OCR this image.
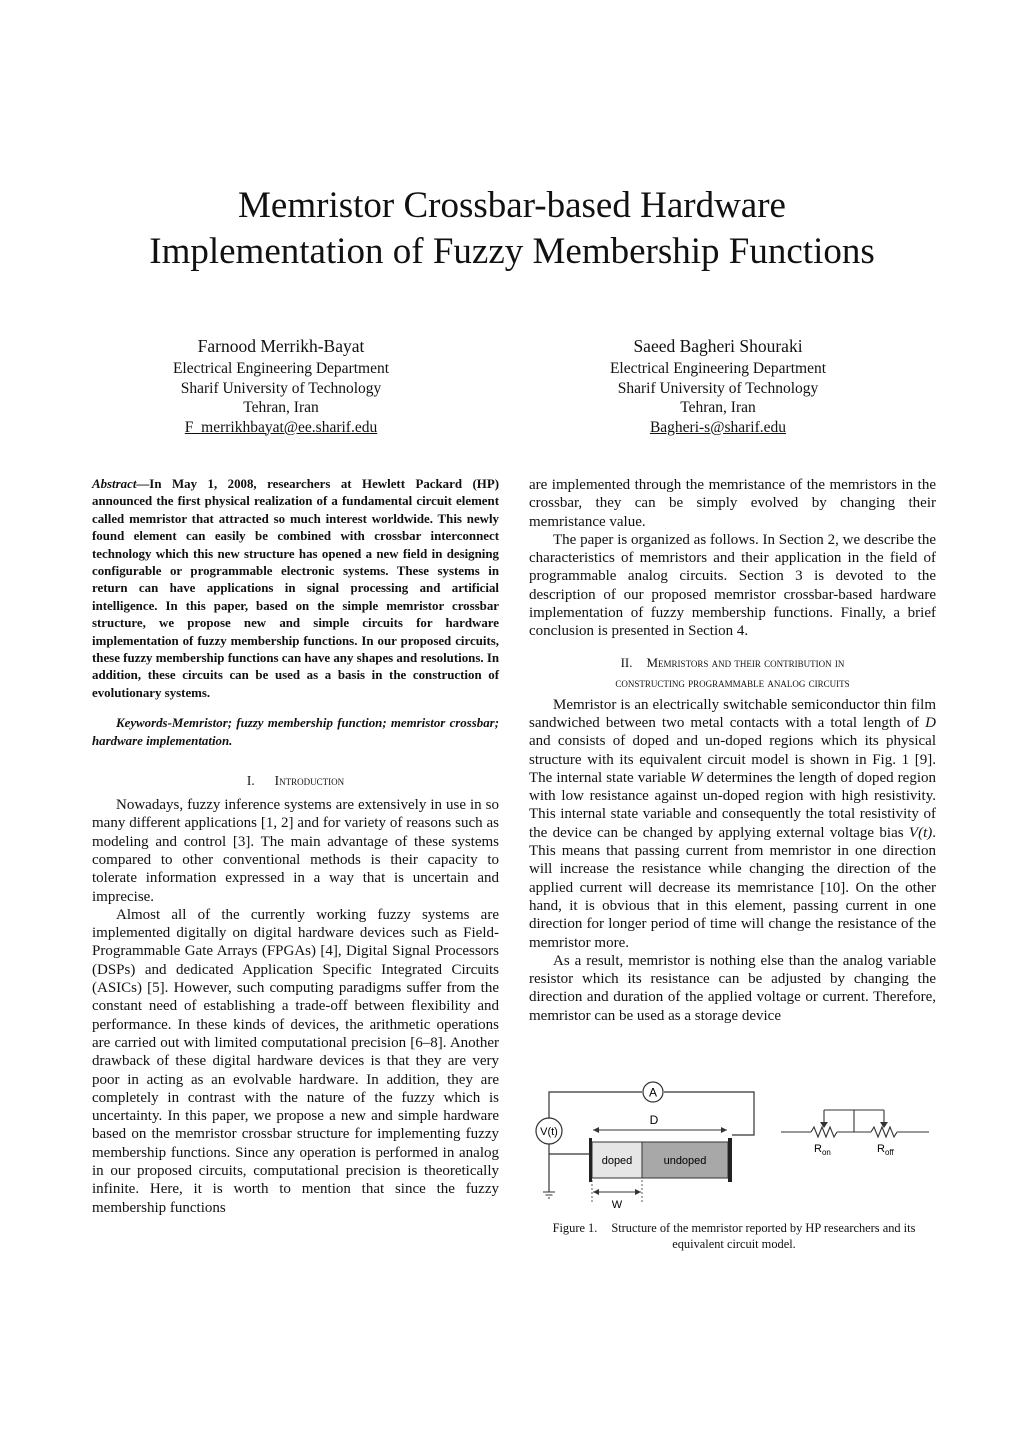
Memristor Crossbar-based Hardware
Implementation of Fuzzy Membership Functions
Farnood Merrikh-Bayat
Electrical Engineering Department
Sharif University of Technology
Tehran, Iran
F_merrikhbayat@ee.sharif.edu
Saeed Bagheri Shouraki
Electrical Engineering Department
Sharif University of Technology
Tehran, Iran
Bagheri-s@sharif.edu

Abstract—In May 1, 2008, researchers at Hewlett Packard (HP) announced the first physical realization of a fundamental circuit element called memristor that attracted so much interest worldwide. This newly found element can easily be combined with crossbar interconnect technology which this new structure has opened a new field in designing configurable or programmable electronic systems. These systems in return can have applications in signal processing and artificial intelligence. In this paper, based on the simple memristor crossbar structure, we propose new and simple circuits for hardware implementation of fuzzy membership functions. In our proposed circuits, these fuzzy membership functions can have any shapes and resolutions. In addition, these circuits can be used as a basis in the construction of evolutionary systems.

Keywords-Memristor; fuzzy membership function; memristor crossbar; hardware implementation.

I. Introduction

Nowadays, fuzzy inference systems are extensively in use in so many different applications [1, 2] and for variety of reasons such as modeling and control [3]. The main advantage of these systems compared to other conventional methods is their capacity to tolerate information expressed in a way that is uncertain and imprecise.

Almost all of the currently working fuzzy systems are implemented digitally on digital hardware devices such as Field-Programmable Gate Arrays (FPGAs) [4], Digital Signal Processors (DSPs) and dedicated Application Specific Integrated Circuits (ASICs) [5]. However, such computing paradigms suffer from the constant need of establishing a trade-off between flexibility and performance. In these kinds of devices, the arithmetic operations are carried out with limited computational precision [6–8]. Another drawback of these digital hardware devices is that they are very poor in acting as an evolvable hardware. In addition, they are completely in contrast with the nature of the fuzzy which is uncertainty. In this paper, we propose a new and simple hardware based on the memristor crossbar structure for implementing fuzzy membership functions. Since any operation is performed in analog in our proposed circuits, computational precision is theoretically infinite. Here, it is worth to mention that since the fuzzy membership functions

are implemented through the memristance of the memristors in the crossbar, they can be simply evolved by changing their memristance value.

The paper is organized as follows. In Section 2, we describe the characteristics of memristors and their application in the field of programmable analog circuits. Section 3 is devoted to the description of our proposed memristor crossbar-based hardware implementation of fuzzy membership functions. Finally, a brief conclusion is presented in Section 4.

II. Memristors and their contribution in
constructing programmable analog circuits

Memristor is an electrically switchable semiconductor thin film sandwiched between two metal contacts with a total length of D and consists of doped and un-doped regions which its physical structure with its equivalent circuit model is shown in Fig. 1 [9]. The internal state variable W determines the length of doped region with low resistance against un-doped region with high resistivity. This internal state variable and consequently the total resistivity of the device can be changed by applying external voltage bias V(t). This means that passing current from memristor in one direction will increase the resistance while changing the direction of the applied current will decrease its memristance [10]. On the other hand, it is obvious that in this element, passing current in one direction for longer period of time will change the resistance of the memristor more.

As a result, memristor is nothing else than the analog variable resistor which its resistance can be adjusted by changing the direction and duration of the applied voltage or current. Therefore, memristor can be used as a storage device

A
V(t)
D
doped	undoped
W
$R_{on}$	$R_{off}$
Figure 1. Structure of the memristor reported by HP researchers and its equivalent circuit model.
